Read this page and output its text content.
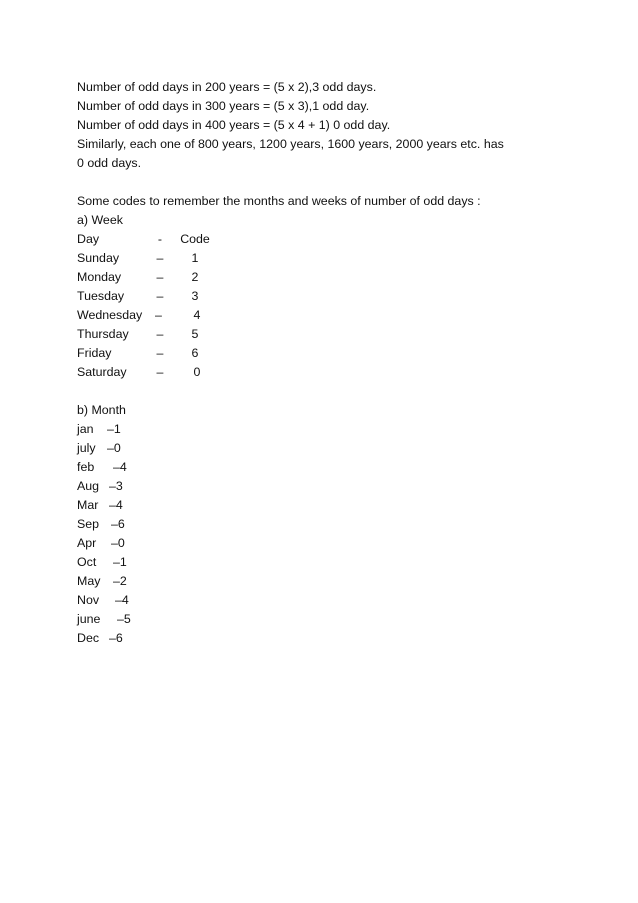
Number of odd days in 200 years = (5 x 2),3 odd days.
Number of odd days in 300 years = (5 x 3),1 odd day.
Number of odd days in 400 years = (5 x 4 + 1) 0 odd day.
Similarly, each one of 800 years, 1200 years, 1600 years, 2000 years etc. has
0 odd days.
Some codes to remember the months and weeks of number of odd days :
a) Week
Day	-	Code
Sunday	–	1
Monday	–	2
Tuesday	–	3
Wednesday	–	4
Thursday	–	5
Friday	–	6
Saturday	–	0
b) Month
jan	–1
july –0
feb	–4
Aug –3
Mar –4
Sep –6
Apr	–0
Oct	–1
May	–2
Nov	–4
june	–5
Dec –6
